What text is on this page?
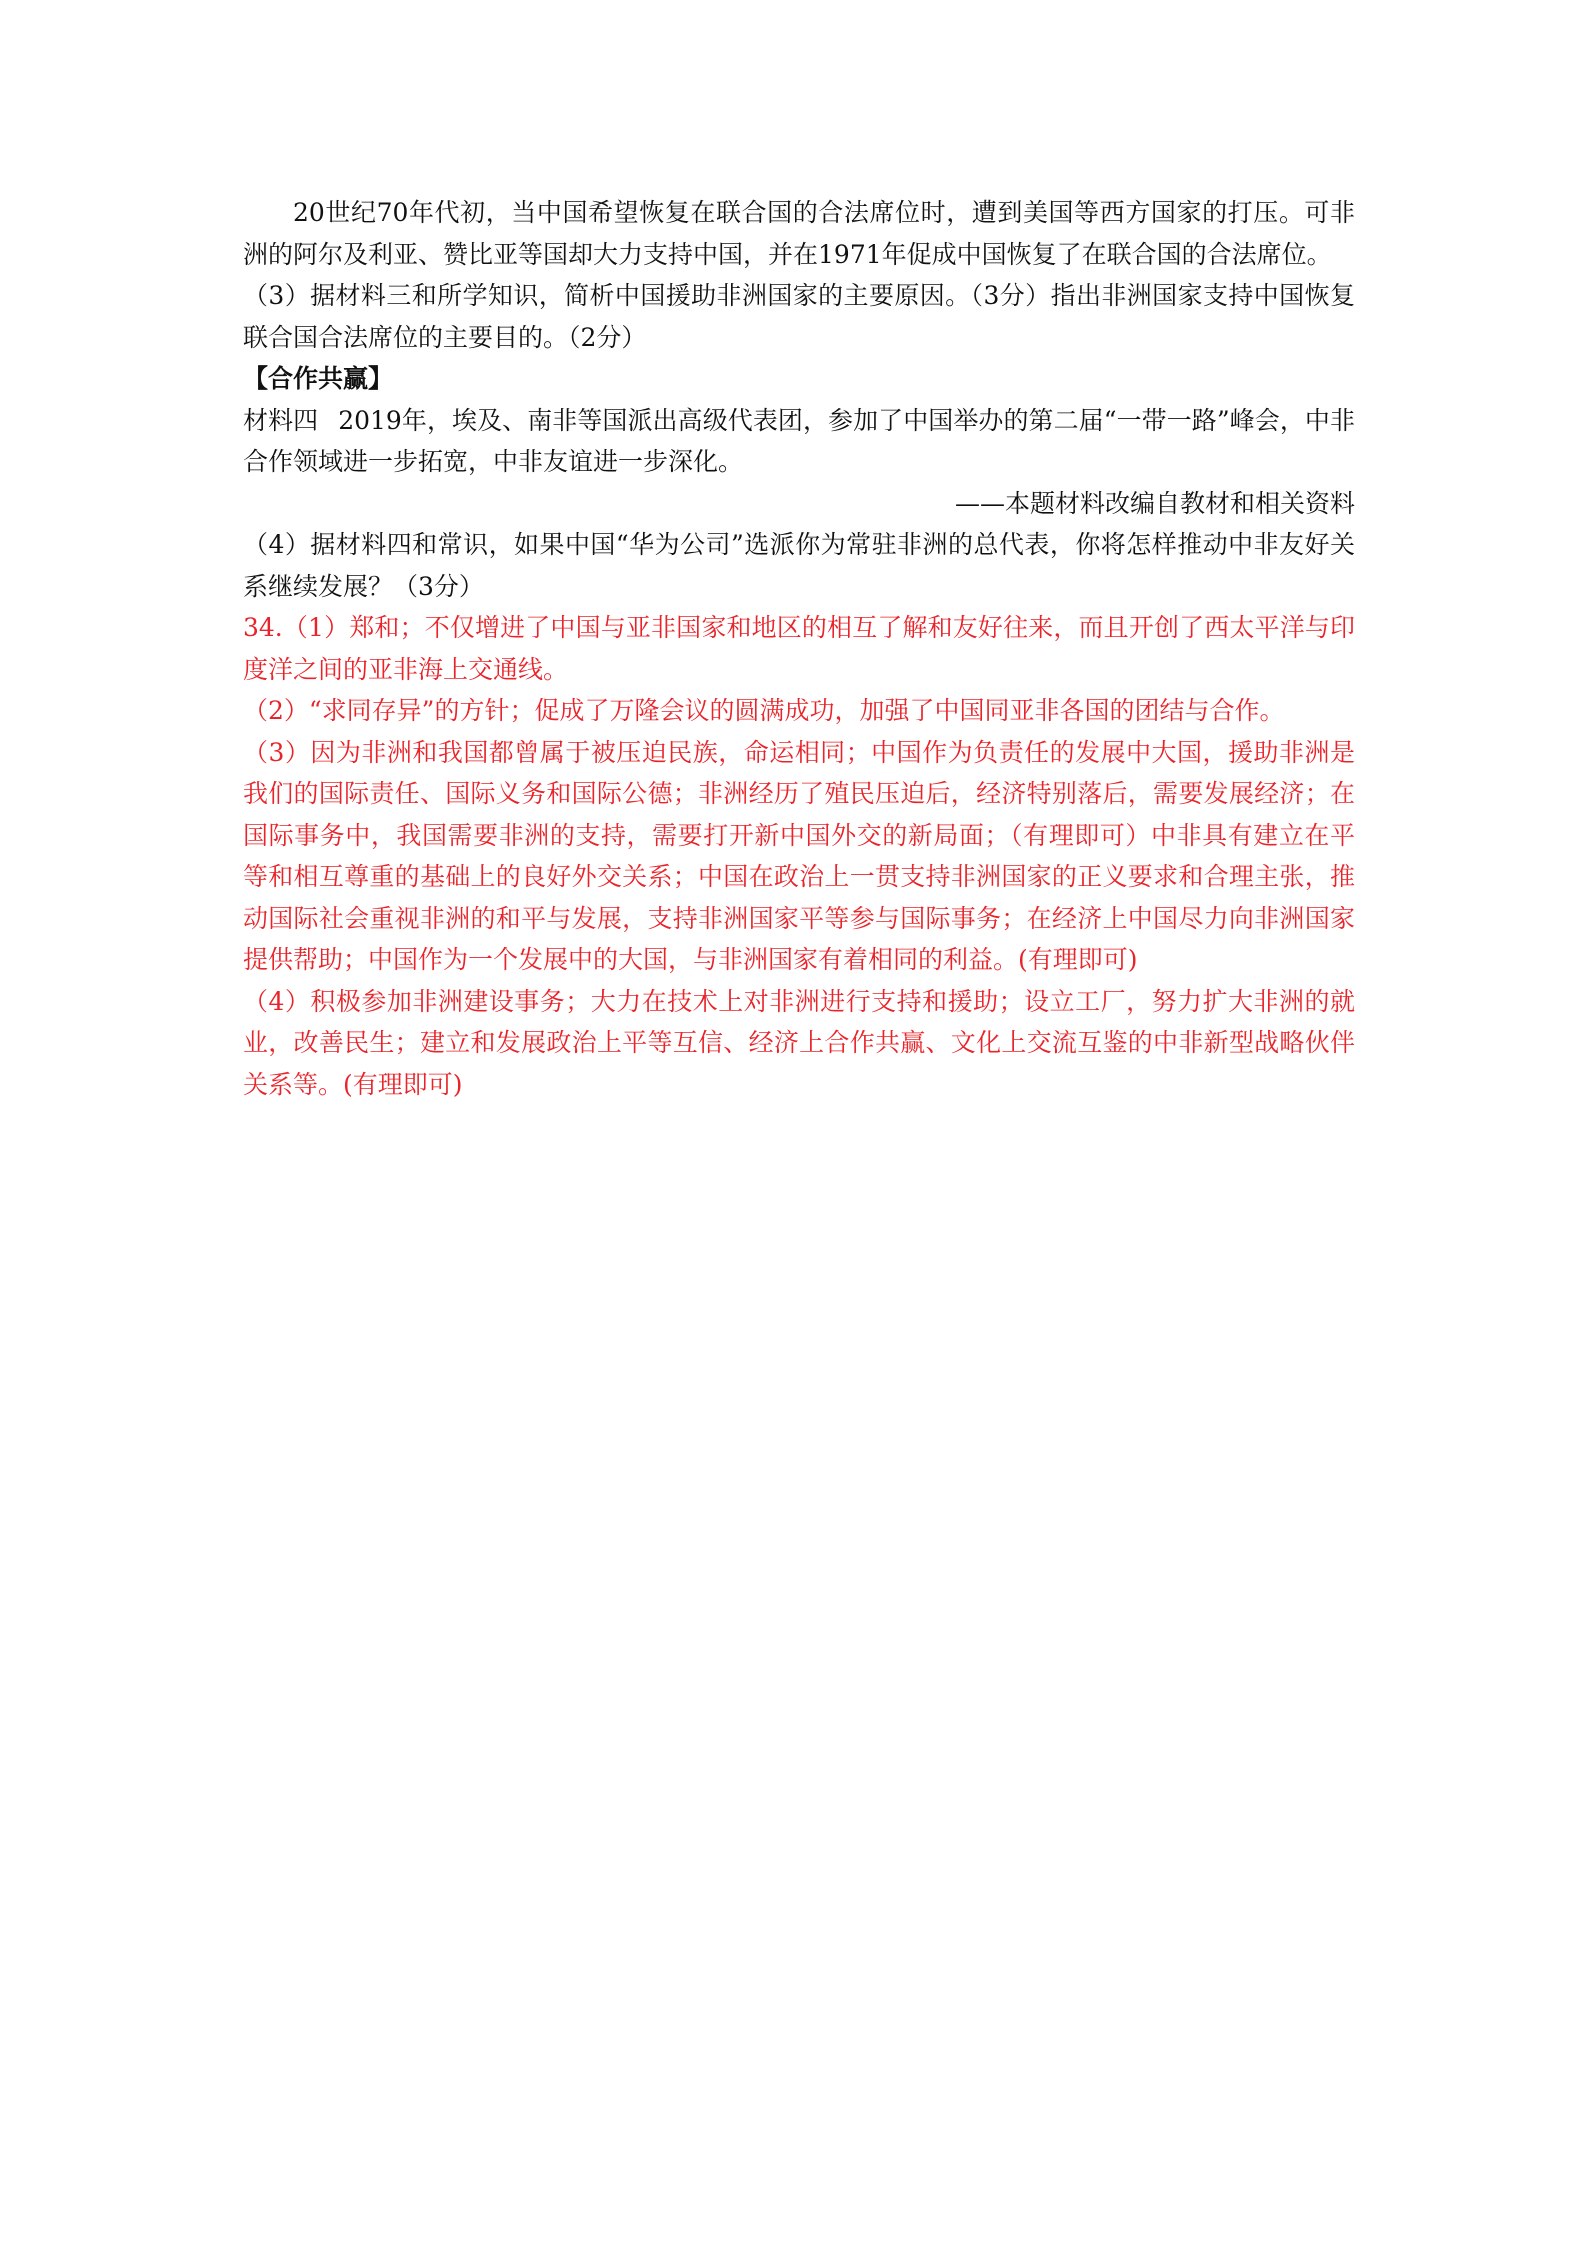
20世纪70年代初，当中国希望恢复在联合国的合法席位时，遭到美国等西方国家的打压。可非洲的阿尔及利亚、赞比亚等国却大力支持中国，并在1971年促成中国恢复了在联合国的合法席位。

（3）据材料三和所学知识，简析中国援助非洲国家的主要原因。（3分）指出非洲国家支持中国恢复联合国合法席位的主要目的。（2分）

【合作共赢】

材料四 2019年，埃及、南非等国派出高级代表团，参加了中国举办的第二届“一带一路”峰会，中非合作领域进一步拓宽，中非友谊进一步深化。

——本题材料改编自教材和相关资料

（4）据材料四和常识，如果中国“华为公司”选派你为常驻非洲的总代表，你将怎样推动中非友好关系继续发展？（3分）

34.（1）郑和；不仅增进了中国与亚非国家和地区的相互了解和友好往来，而且开创了西太平洋与印度洋之间的亚非海上交通线。

（2）“求同存异”的方针；促成了万隆会议的圆满成功，加强了中国同亚非各国的团结与合作。

（3）因为非洲和我国都曾属于被压迫民族，命运相同；中国作为负责任的发展中大国，援助非洲是我们的国际责任、国际义务和国际公德；非洲经历了殖民压迫后，经济特别落后，需要发展经济；在国际事务中，我国需要非洲的支持，需要打开新中国外交的新局面；（有理即可）中非具有建立在平等和相互尊重的基础上的良好外交关系；中国在政治上一贯支持非洲国家的正义要求和合理主张，推动国际社会重视非洲的和平与发展，支持非洲国家平等参与国际事务；在经济上中国尽力向非洲国家提供帮助；中国作为一个发展中的大国，与非洲国家有着相同的利益。(有理即可)

（4）积极参加非洲建设事务；大力在技术上对非洲进行支持和援助；设立工厂，努力扩大非洲的就业，改善民生；建立和发展政治上平等互信、经济上合作共赢、文化上交流互鉴的中非新型战略伙伴关系等。(有理即可)
